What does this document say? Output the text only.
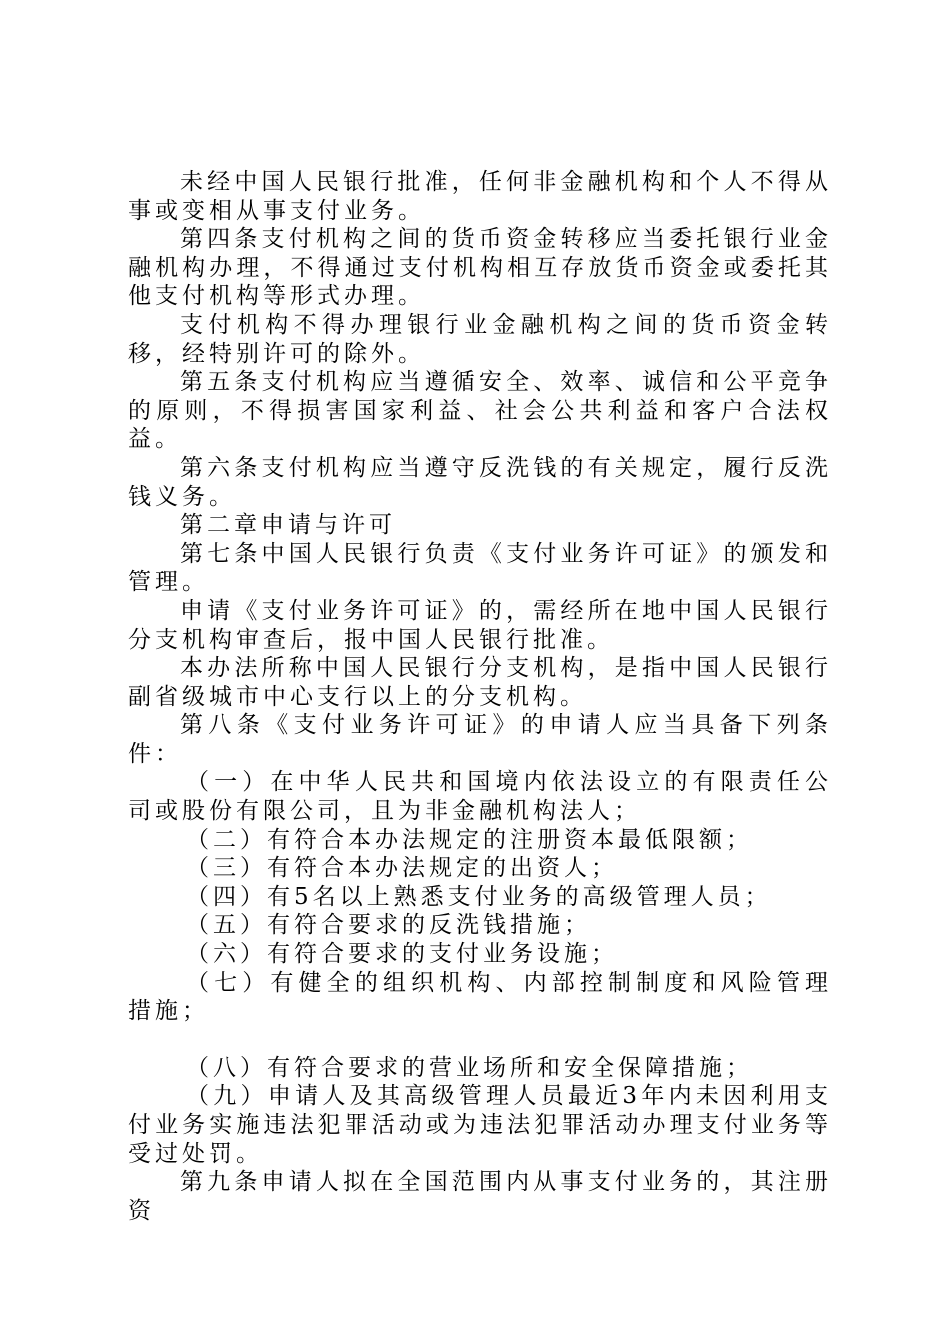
未经中国人民银行批准，任何非金融机构和个人不得从事或变相从事支付业务。

第四条支付机构之间的货币资金转移应当委托银行业金融机构办理，不得通过支付机构相互存放货币资金或委托其他支付机构等形式办理。

支付机构不得办理银行业金融机构之间的货币资金转移，经特别许可的除外。

第五条支付机构应当遵循安全、效率、诚信和公平竞争的原则，不得损害国家利益、社会公共利益和客户合法权益。

第六条支付机构应当遵守反洗钱的有关规定，履行反洗钱义务。

第二章申请与许可

第七条中国人民银行负责《支付业务许可证》的颁发和管理。

申请《支付业务许可证》的，需经所在地中国人民银行分支机构审查后，报中国人民银行批准。

本办法所称中国人民银行分支机构，是指中国人民银行副省级城市中心支行以上的分支机构。

第八条《支付业务许可证》的申请人应当具备下列条件：

（一）在中华人民共和国境内依法设立的有限责任公司或股份有限公司，且为非金融机构法人；

（二）有符合本办法规定的注册资本最低限额；

（三）有符合本办法规定的出资人；

（四）有5名以上熟悉支付业务的高级管理人员；

（五）有符合要求的反洗钱措施；

（六）有符合要求的支付业务设施；

（七）有健全的组织机构、内部控制制度和风险管理措施；

（八）有符合要求的营业场所和安全保障措施；

（九）申请人及其高级管理人员最近3年内未因利用支付业务实施违法犯罪活动或为违法犯罪活动办理支付业务等受过处罚。

第九条申请人拟在全国范围内从事支付业务的，其注册资
